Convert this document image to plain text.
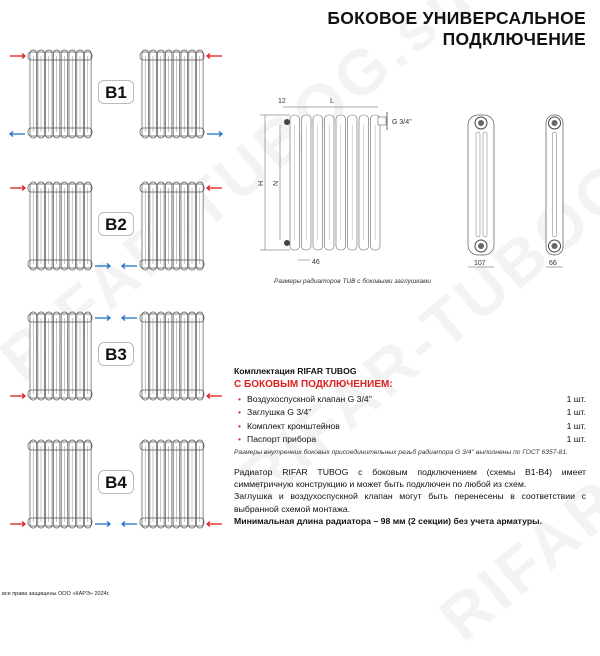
БОКОВОЕ УНИВЕРСАЛЬНОЕ
ПОДКЛЮЧЕНИЕ
B1
B2
B3
B4
12	L
G 3/4''
H N
46	107	66
Размеры радиаторов TUB с боковыми заглушками
Комплектация RIFAR TUBOG
С БОКОВЫМ ПОДКЛЮЧЕНИЕМ:
• Воздухоспускной клапан G 3/4''	1 шт.
• Заглушка G 3/4''	1 шт.
• Комплект кронштейнов	1 шт.
• Паспорт прибора	1 шт.
Размеры внутренних боковых присоединительных резьб радиатора G 3/4'' выполнены по ГОСТ 6357-81.

Радиатор RIFAR TUBOG с боковым подключением (схемы В1-В4) имеет симметричную конструкцию и может быть подключен по любой из схем.

Заглушка и воздухоспускной клапан могут быть перенесены в соответствии с выбранной схемой монтажа.

Минимальная длина радиатора – 98 мм (2 секции) без учета арматуры.
все права защищены ООО «КАРЭ» 2024г.
